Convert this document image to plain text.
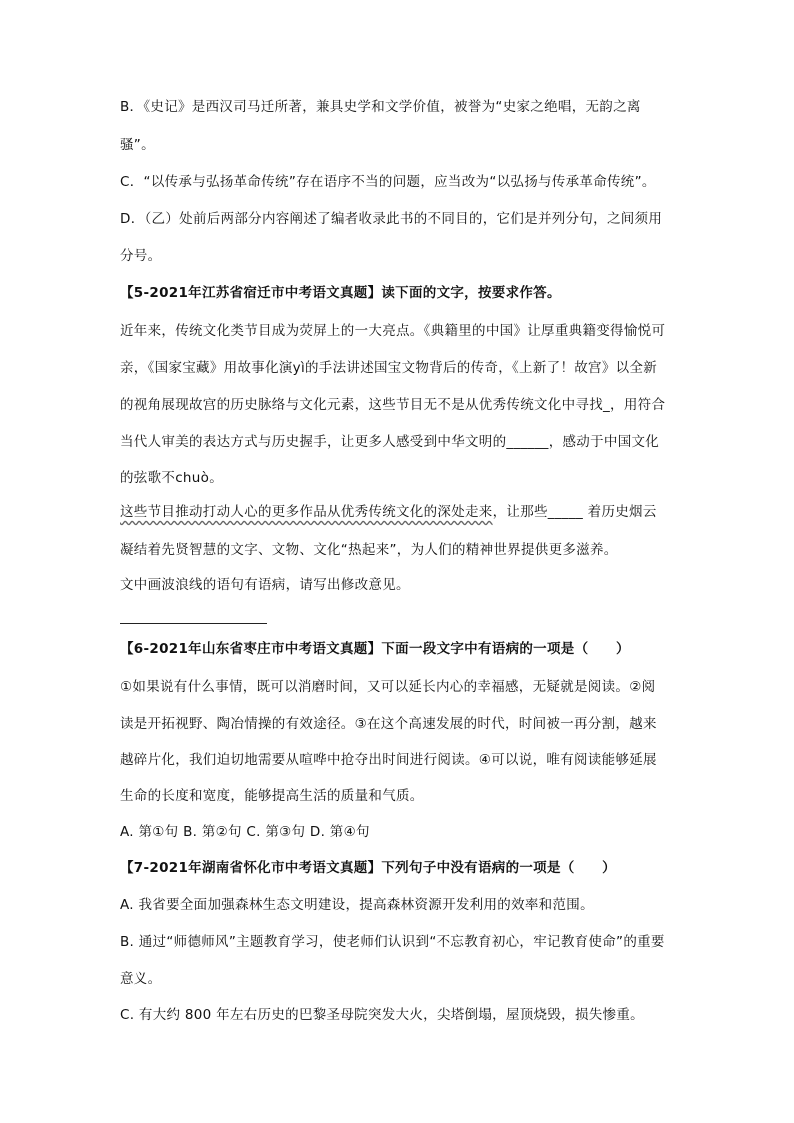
B．《史记》是西汉司马迁所著，兼具史学和文学价值，被誉为“史家之绝唱，无韵之离
骚”。
C．“以传承与弘扬革命传统”存在语序不当的问题，应当改为“以弘扬与传承革命传统”。
D．（乙）处前后两部分内容阐述了编者收录此书的不同目的，它们是并列分句，之间须用
分号。
【5-2021年江苏省宿迁市中考语文真题】读下面的文字，按要求作答。
近年来，传统文化类节目成为荧屏上的一大亮点。《典籍里的中国》让厚重典籍变得愉悦可
亲，《国家宝藏》用故事化演yì的手法讲述国宝文物背后的传奇，《上新了！故宫》以全新
的视角展现故宫的历史脉络与文化元素，这些节目无不是从优秀传统文化中寻找_，用符合
当代人审美的表达方式与历史握手，让更多人感受到中华文明的______，感动于中国文化
的弦歌不chuò。
这些节目推动打动人心的更多作品从优秀传统文化的深处走来，让那些_____ 着历史烟云
凝结着先贤智慧的文字、文物、文化“热起来”，为人们的精神世界提供更多滋养。
文中画波浪线的语句有语病，请写出修改意见。
【6-2021年山东省枣庄市中考语文真题】下面一段文字中有语病的一项是（　　）
①如果说有什么事情，既可以消磨时间，又可以延长内心的幸福感，无疑就是阅读。②阅
读是开拓视野、陶冶情操的有效途径。③在这个高速发展的时代，时间被一再分割，越来
越碎片化，我们迫切地需要从喧哗中抢夺出时间进行阅读。④可以说，唯有阅读能够延展
生命的长度和宽度，能够提高生活的质量和气质。
A. 第①句 B. 第②句 C. 第③句 D. 第④句
【7-2021年湖南省怀化市中考语文真题】下列句子中没有语病的一项是（　　）
A. 我省要全面加强森林生态文明建设，提高森林资源开发利用的效率和范围。
B. 通过“师德师风”主题教育学习，使老师们认识到“不忘教育初心，牢记教育使命”的重要
意义。
C. 有大约 800 年左右历史的巴黎圣母院突发大火，尖塔倒塌，屋顶烧毁，损失惨重。
